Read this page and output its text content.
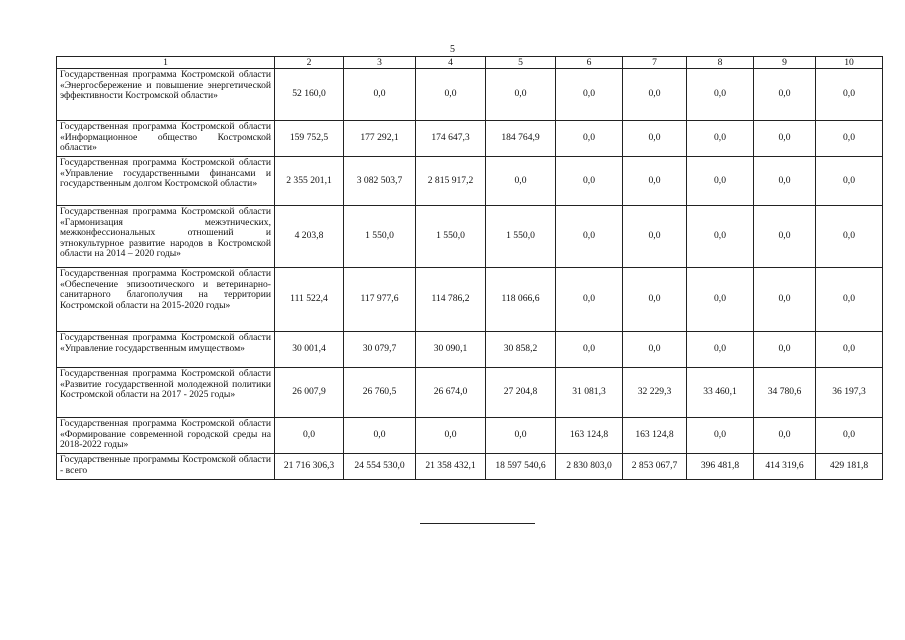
5
1	2	3	4	5	6	7	8	9	10
Государственная программа Костромской области «Энергосбережение и повышение энергетической эффективности Костромской области»	52 160,0	0,0	0,0	0,0	0,0	0,0	0,0	0,0	0,0
Государственная программа Костромской области «Информационное общество Костромской области»	159 752,5	177 292,1	174 647,3	184 764,9	0,0	0,0	0,0	0,0	0,0
Государственная программа Костромской области «Управление государственными финансами и государственным долгом Костромской области»	2 355 201,1	3 082 503,7	2 815 917,2	0,0	0,0	0,0	0,0	0,0	0,0
Государственная программа Костромской области «Гармонизация межэтнических, межконфессиональных отношений и этнокультурное развитие народов в Костромской области на 2014 – 2020 годы»	4 203,8	1 550,0	1 550,0	1 550,0	0,0	0,0	0,0	0,0	0,0
Государственная программа Костромской области «Обеспечение эпизоотического и ветеринарно-санитарного благополучия на территории Костромской области на 2015-2020 годы»	111 522,4	117 977,6	114 786,2	118 066,6	0,0	0,0	0,0	0,0	0,0
Государственная программа Костромской области «Управление государственным имуществом»	30 001,4	30 079,7	30 090,1	30 858,2	0,0	0,0	0,0	0,0	0,0
Государственная программа Костромской области «Развитие государственной молодежной политики Костромской области на 2017 - 2025 годы»	26 007,9	26 760,5	26 674,0	27 204,8	31 081,3	32 229,3	33 460,1	34 780,6	36 197,3
Государственная программа Костромской области «Формирование современной городской среды на 2018-2022 годы»	0,0	0,0	0,0	0,0	163 124,8	163 124,8	0,0	0,0	0,0
Государственные программы Костромской области - всего	21 716 306,3	24 554 530,0	21 358 432,1	18 597 540,6	2 830 803,0	2 853 067,7	396 481,8	414 319,6	429 181,8
